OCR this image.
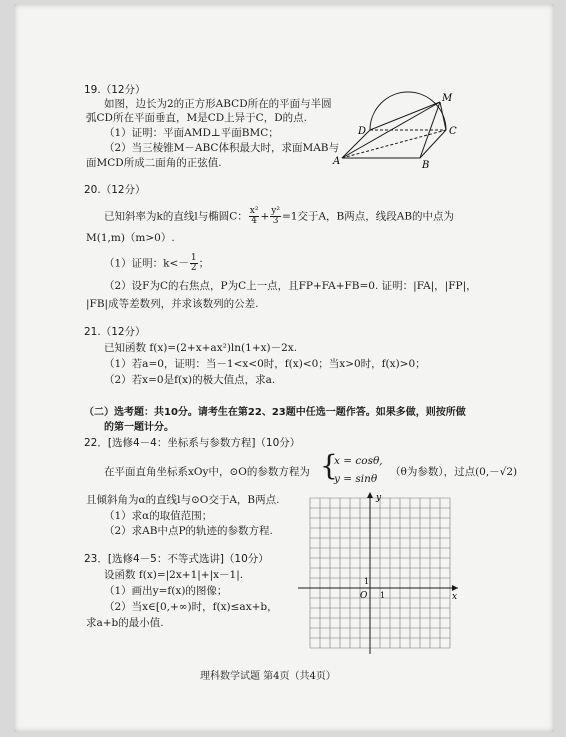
19.（12分）
如图，边长为2的正方形ABCD所在的平面与半圆
弧CD所在平面垂直，M是CD上异于C，D的点.
（1）证明：平面AMD⊥平面BMC；
（2）当三棱锥M－ABC体积最大时，求面MAB与
面MCD所成二面角的正弦值.
M
D	C
A	B
20.（12分）
已知斜率为k的直线l与椭圆C： $\frac{\text{x²}}{4} + \frac{\text{y²}}{3} =1$交于A，B两点，线段AB的中点为
M(1,m)（m>0）.
（1）证明：$k<- \frac{1}{2}$ ；
（2）设F为C的右焦点，P为C上一点，且FP+FA+FB=0. 证明：|FA|，|FP|，
|FB|成等差数列，并求该数列的公差.
21.（12分）
已知函数 f(x)=(2+x+ax²)ln(1+x)－2x.
（1）若a=0，证明：当－1<x<0时，f(x)<0；当x>0时，f(x)>0；
（2）若x=0是f(x)的极大值点，求a.
（二）选考题：共10分。请考生在第22、23题中任选一题作答。如果多做，则按所做
的第一题计分。
22．[选修4－4：坐标系与参数方程]（10分）
在平面直角坐标系xOy中，⊙O的参数方程为 {
x = cosθ,
y = sinθ
（θ为参数），过点(0,－√2)
且倾斜角为α的直线l与⊙O交于A，B两点.
（1）求α的取值范围；
（2）求AB中点P的轨迹的参数方程.
23．[选修4－5：不等式选讲]（10分）
设函数 f(x)=|2x+1|+|x－1|.
（1）画出y=f(x)的图像；
（2）当x∈[0,+∞)时，f(x)≤ax+b，
求a+b的最小值.
y
x
O 1
1
理科数学试题 第4页（共4页）
